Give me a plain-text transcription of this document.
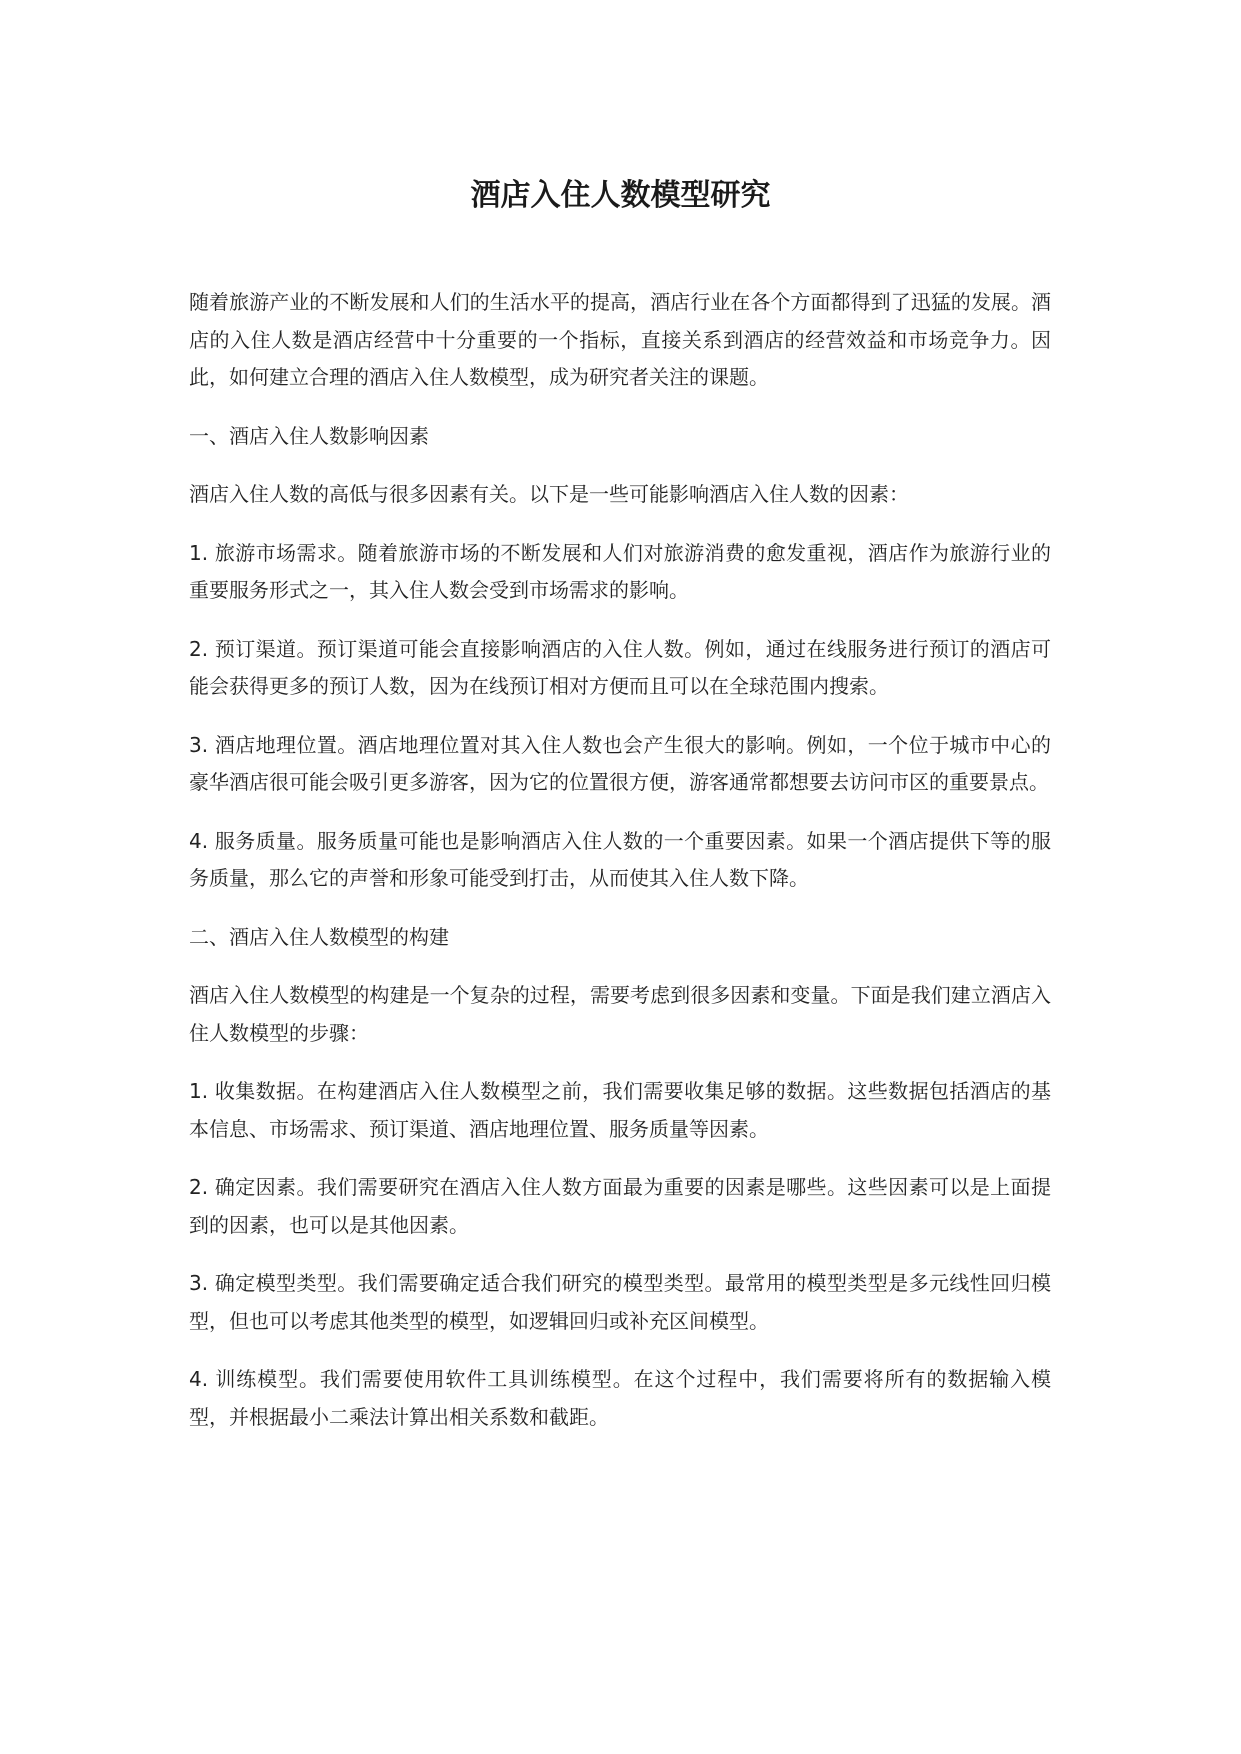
酒店入住人数模型研究

随着旅游产业的不断发展和人们的生活水平的提高，酒店行业在各个方面都得到了迅猛的发展。酒店的入住人数是酒店经营中十分重要的一个指标，直接关系到酒店的经营效益和市场竞争力。因此，如何建立合理的酒店入住人数模型，成为研究者关注的课题。

一、酒店入住人数影响因素

酒店入住人数的高低与很多因素有关。以下是一些可能影响酒店入住人数的因素：

1. 旅游市场需求。随着旅游市场的不断发展和人们对旅游消费的愈发重视，酒店作为旅游行业的重要服务形式之一，其入住人数会受到市场需求的影响。

2. 预订渠道。预订渠道可能会直接影响酒店的入住人数。例如，通过在线服务进行预订的酒店可能会获得更多的预订人数，因为在线预订相对方便而且可以在全球范围内搜索。

3. 酒店地理位置。酒店地理位置对其入住人数也会产生很大的影响。例如，一个位于城市中心的豪华酒店很可能会吸引更多游客，因为它的位置很方便，游客通常都想要去访问市区的重要景点。

4. 服务质量。服务质量可能也是影响酒店入住人数的一个重要因素。如果一个酒店提供下等的服务质量，那么它的声誉和形象可能受到打击，从而使其入住人数下降。

二、酒店入住人数模型的构建

酒店入住人数模型的构建是一个复杂的过程，需要考虑到很多因素和变量。下面是我们建立酒店入住人数模型的步骤：

1. 收集数据。在构建酒店入住人数模型之前，我们需要收集足够的数据。这些数据包括酒店的基本信息、市场需求、预订渠道、酒店地理位置、服务质量等因素。

2. 确定因素。我们需要研究在酒店入住人数方面最为重要的因素是哪些。这些因素可以是上面提到的因素，也可以是其他因素。

3. 确定模型类型。我们需要确定适合我们研究的模型类型。最常用的模型类型是多元线性回归模型，但也可以考虑其他类型的模型，如逻辑回归或补充区间模型。

4. 训练模型。我们需要使用软件工具训练模型。在这个过程中，我们需要将所有的数据输入模型，并根据最小二乘法计算出相关系数和截距。
